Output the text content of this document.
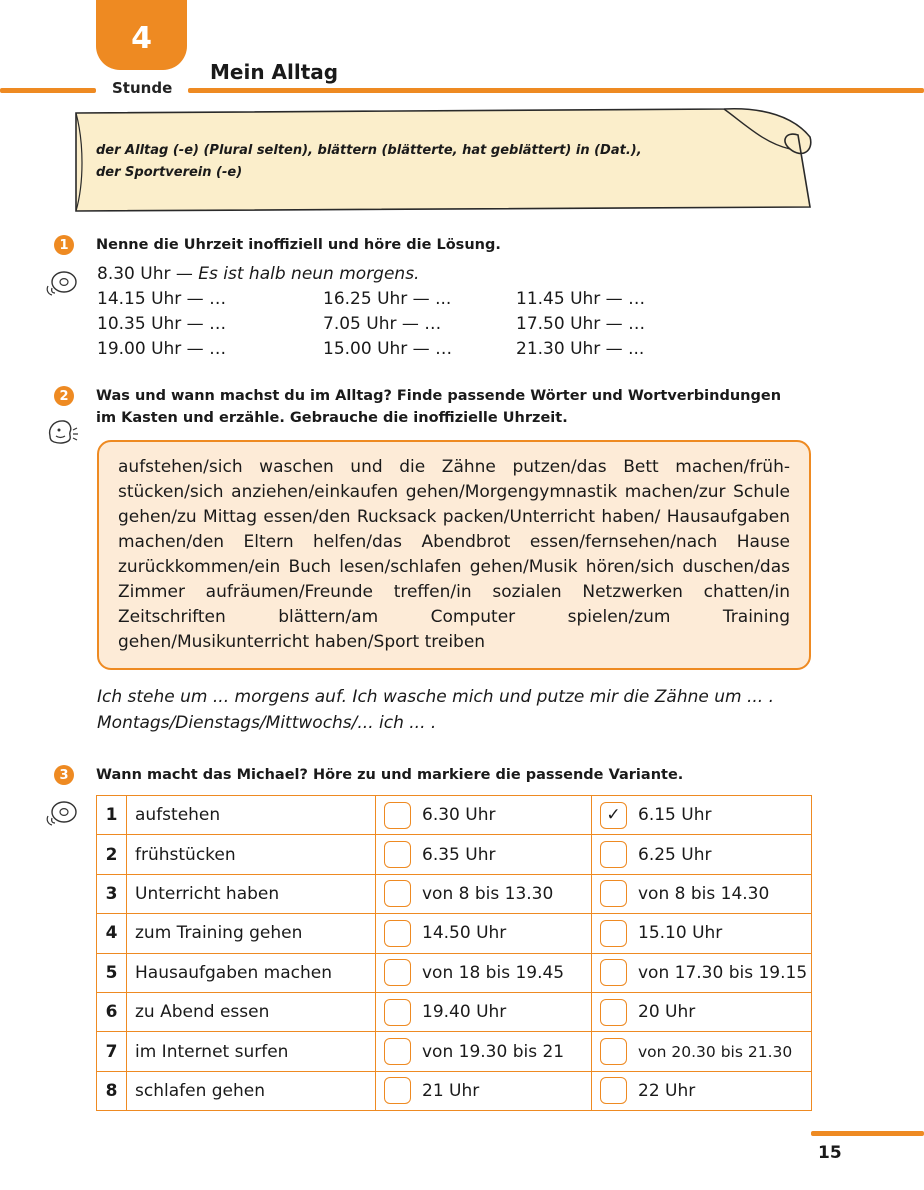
4
Stunde
Mein Alltag
der Alltag (-e) (Plural selten), blättern (blätterte, hat geblättert) in (Dat.),
der Sportverein (-e)
1 Nenne die Uhrzeit inoffiziell und höre die Lösung.
8.30 Uhr — Es ist halb neun morgens.
14.15 Uhr — …	16.25 Uhr — ...	11.45 Uhr — …
10.35 Uhr — …	7.05 Uhr — …	17.50 Uhr — …
19.00 Uhr — …	15.00 Uhr — …	21.30 Uhr — ...
2 Was und wann machst du im Alltag? Finde passende Wörter und Wortverbindungen
im Kasten und erzähle. Gebrauche die inoffizielle Uhrzeit.
aufstehen/sich waschen und die Zähne putzen/das Bett machen/frühstücken/sich anziehen/einkaufen gehen/Morgengymnastik machen/zur Schule gehen/zu Mittag essen/den Rucksack packen/Unterricht haben/ Hausaufgaben machen/den Eltern helfen/das Abendbrot essen/fernsehen/nach Hause zurückkommen/ein Buch lesen/schlafen gehen/Musik hören/sich duschen/das Zimmer aufräumen/Freunde treffen/in sozialen Netzwerken chatten/in Zeitschriften blättern/am Computer spielen/zum Training gehen/Musikunterricht haben/Sport treiben
Ich stehe um ... morgens auf. Ich wasche mich und putze mir die Zähne um ... .
Montags/Dienstags/Mittwochs/... ich ... .
3 Wann macht das Michael? Höre zu und markiere die passende Variante.
1	aufstehen	6.30 Uhr	✓ 6.15 Uhr

2	frühstücken	6.35 Uhr	6.25 Uhr

3	Unterricht haben	von 8 bis 13.30	von 8 bis 14.30

4	zum Training gehen	14.50 Uhr	15.10 Uhr

5	Hausaufgaben machen	von 18 bis 19.45	von 17.30 bis 19.15

6	zu Abend essen	19.40 Uhr	20 Uhr

7	im Internet surfen	von 19.30 bis 21	von 20.30 bis 21.30

8	schlafen gehen	21 Uhr	22 Uhr
15
